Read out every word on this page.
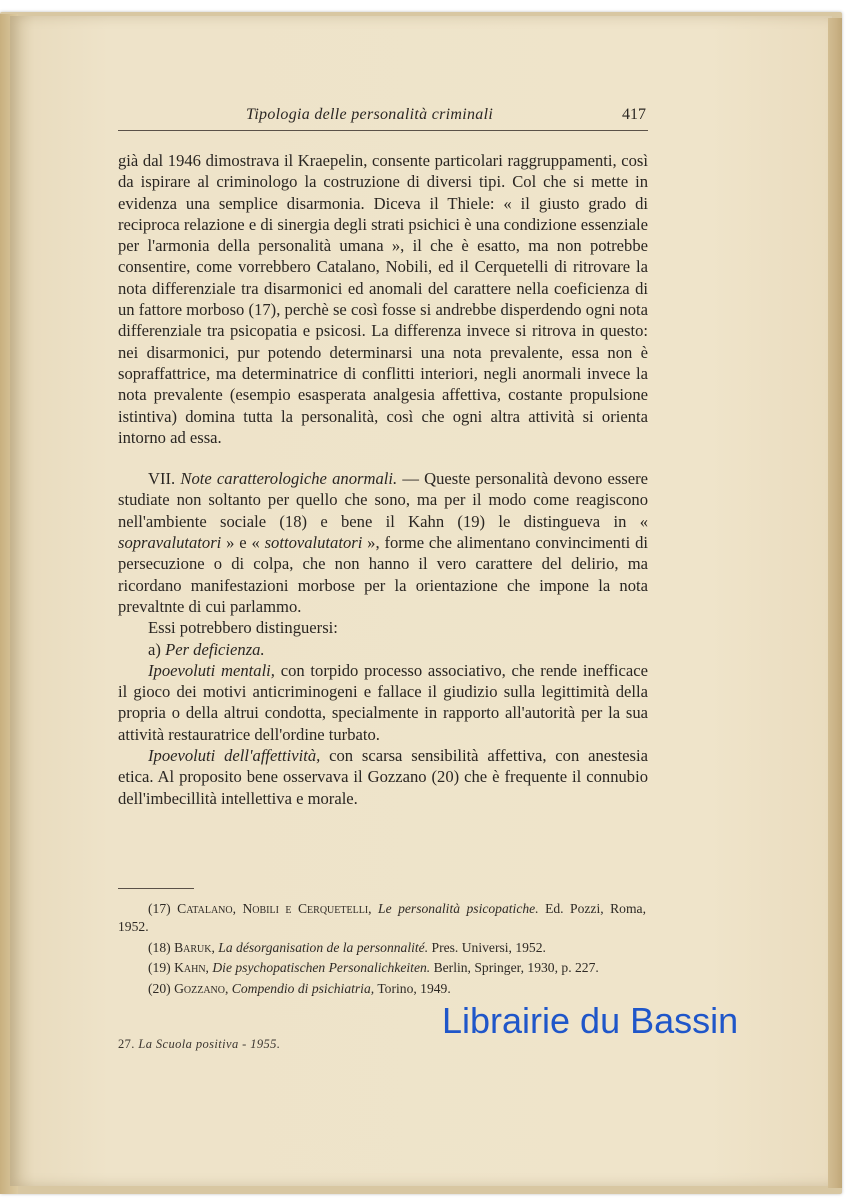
Tipologia delle personalità criminali	417

già dal 1946 dimostrava il Kraepelin, consente particolari raggruppamenti, così da ispirare al criminologo la costruzione di diversi tipi. Col che si mette in evidenza una semplice disarmonia. Diceva il Thiele: « il giusto grado di reciproca relazione e di sinergia degli strati psichici è una condizione essenziale per l'armonia della personalità umana », il che è esatto, ma non potrebbe consentire, come vorrebbero Catalano, Nobili, ed il Cerquetelli di ritrovare la nota differenziale tra disarmonici ed anomali del carattere nella coeficienza di un fattore morboso (17), perchè se così fosse si andrebbe disperdendo ogni nota differenziale tra psicopatia e psicosi. La differenza invece si ritrova in questo: nei disarmonici, pur potendo determinarsi una nota prevalente, essa non è sopraffattrice, ma determinatrice di conflitti interiori, negli anormali invece la nota prevalente (esempio esasperata analgesia affettiva, costante propulsione istintiva) domina tutta la personalità, così che ogni altra attività si orienta intorno ad essa.

VII. Note caratterologiche anormali. — Queste personalità devono essere studiate non soltanto per quello che sono, ma per il modo come reagiscono nell'ambiente sociale (18) e bene il Kahn (19) le distingueva in « sopravalutatori » e « sottovalutatori », forme che alimentano convincimenti di persecuzione o di colpa, che non hanno il vero carattere del delirio, ma ricordano manifestazioni morbose per la orientazione che impone la nota prevaltnte di cui parlammo.

Essi potrebbero distinguersi:

a) Per deficienza.

Ipoevoluti mentali, con torpido processo associativo, che rende inefficace il gioco dei motivi anticriminogeni e fallace il giudizio sulla legittimità della propria o della altrui condotta, specialmente in rapporto all'autorità per la sua attività restauratrice dell'ordine turbato.

Ipoevoluti dell'affettività, con scarsa sensibilità affettiva, con anestesia etica. Al proposito bene osservava il Gozzano (20) che è frequente il connubio dell'imbecillità intellettiva e morale.

(17) Catalano, Nobili e Cerquetelli, Le personalità psicopatiche. Ed. Pozzi, Roma, 1952.

(18) Baruk, La désorganisation de la personnalité. Pres. Universi, 1952.

(19) Kahn, Die psychopatischen Personalichkeiten. Berlin, Springer, 1930, p. 227.

(20) Gozzano, Compendio di psichiatria, Torino, 1949.

27. La Scuola positiva - 1955.
Librairie du Bassin
